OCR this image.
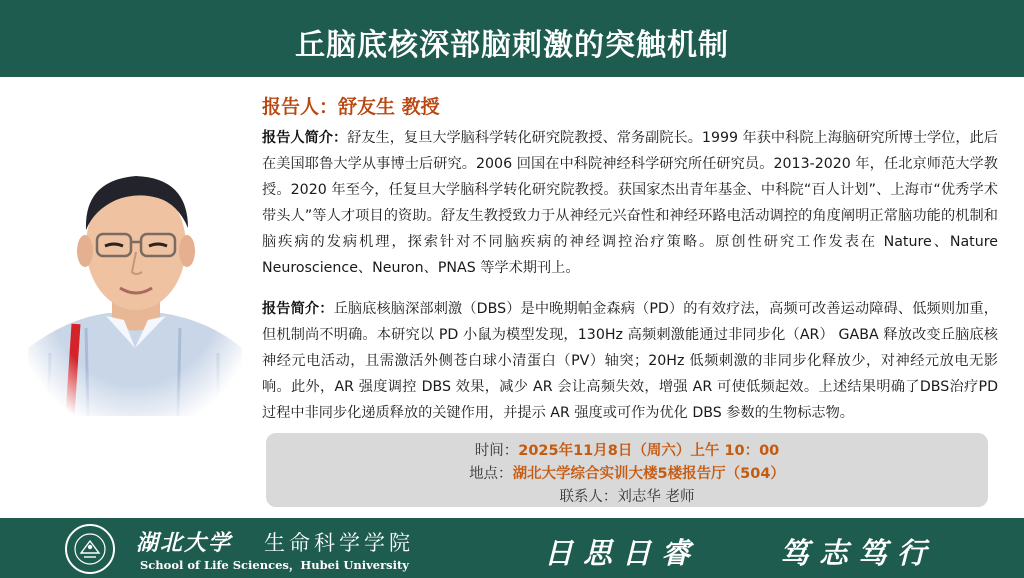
丘脑底核深部脑刺激的突触机制
报告人：舒友生 教授
报告人简介：舒友生，复旦大学脑科学转化研究院教授、常务副院长。1999 年获中科院上海脑研究所博士学位，此后在美国耶鲁大学从事博士后研究。2006 回国在中科院神经科学研究所任研究员。2013-2020 年，任北京师范大学教授。2020 年至今，任复旦大学脑科学转化研究院教授。获国家杰出青年基金、中科院“百人计划”、上海市“优秀学术带头人”等人才项目的资助。舒友生教授致力于从神经元兴奋性和神经环路电活动调控的角度阐明正常脑功能的机制和脑疾病的发病机理，探索针对不同脑疾病的神经调控治疗策略。原创性研究工作发表在 Nature、Nature Neuroscience、Neuron、PNAS 等学术期刊上。
报告简介：丘脑底核脑深部刺激（DBS）是中晚期帕金森病（PD）的有效疗法，高频可改善运动障碍、低频则加重，但机制尚不明确。本研究以 PD 小鼠为模型发现，130Hz 高频刺激能通过非同步化（AR） GABA 释放改变丘脑底核神经元电活动，且需激活外侧苍白球小清蛋白（PV）轴突；20Hz 低频刺激的非同步化释放少，对神经元放电无影响。此外，AR 强度调控 DBS 效果，减少 AR 会让高频失效，增强 AR 可使低频起效。上述结果明确了DBS治疗PD过程中非同步化递质释放的关键作用，并提示 AR 强度或可作为优化 DBS 参数的生物标志物。
时间：2025年11月8日（周六）上午 10：00
地点：湖北大学综合实训大楼5楼报告厅（504）
联系人：刘志华 老师
湖北大学 生命科学学院
School of Life Sciences，Hubei University	日思日睿	笃志笃行
